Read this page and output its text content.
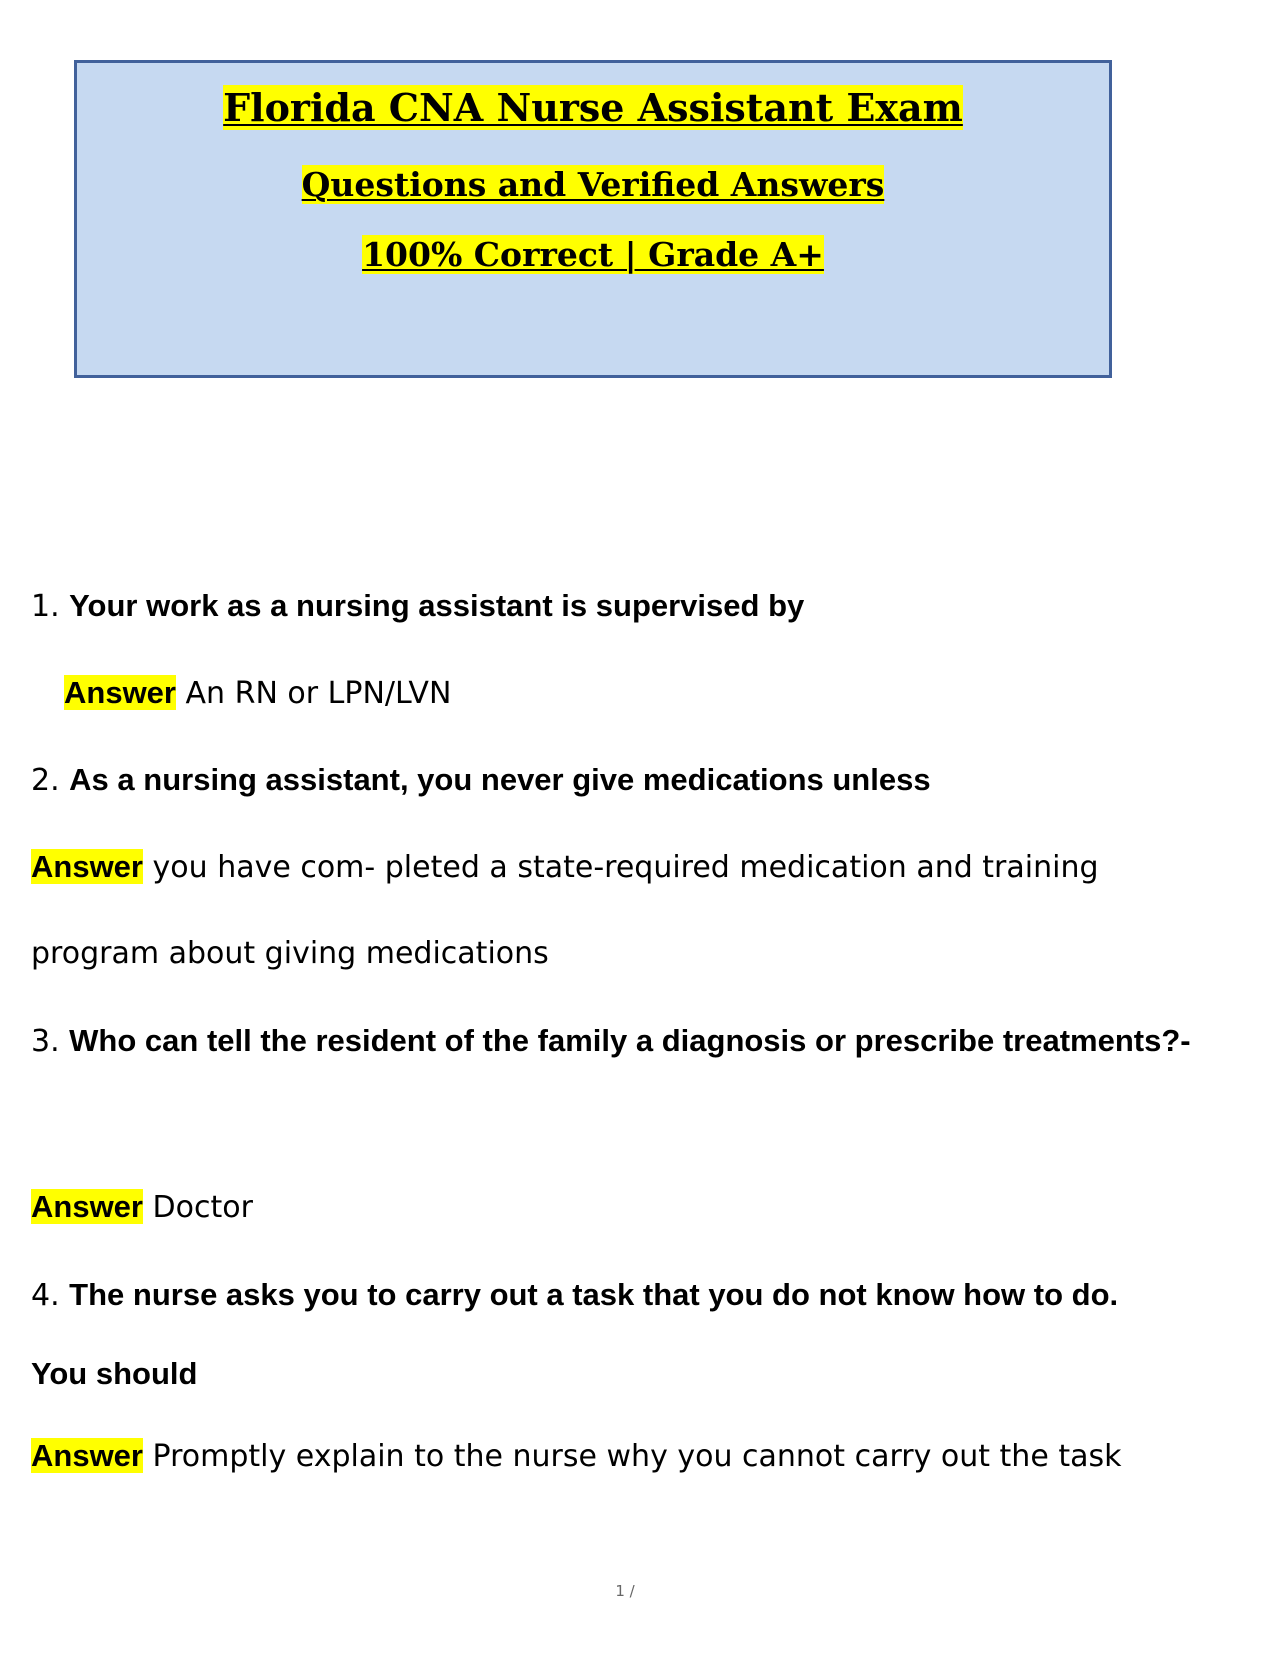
Florida CNA Nurse Assistant Exam
Questions and Verified Answers
100% Correct | Grade A+
1. Your work as a nursing assistant is supervised by
Answer An RN or LPN/LVN
2. As a nursing assistant, you never give medications unless
Answer you have com- pleted a state-required medication and training
program about giving medications
3. Who can tell the resident of the family a diagnosis or prescribe treatments?-
Answer Doctor
4. The nurse asks you to carry out a task that you do not know how to do.
You should
Answer Promptly explain to the nurse why you cannot carry out the task
1 /
